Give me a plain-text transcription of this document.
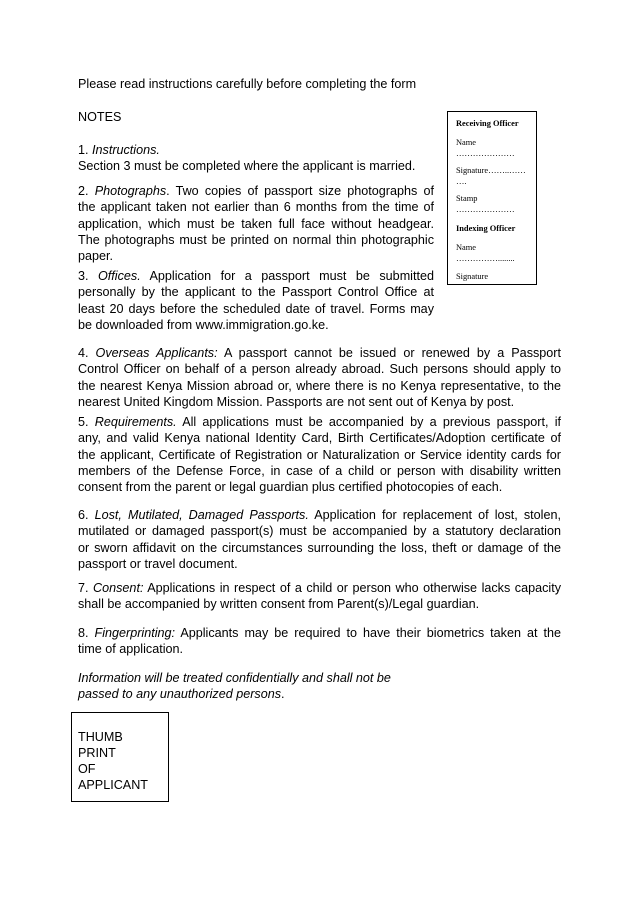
Please read instructions carefully before completing the form

NOTES	Receiving Officer
Name
…………………
Signature……..……
….
Stamp
…………………
Indexing Officer
Name
……………........
Signature
1. Instructions.
Section 3 must be completed where the applicant is married.
2. Photographs. Two copies of passport size photographs of
the applicant taken not earlier than 6 months from the time of
application, which must be taken full face without headgear.
The photographs must be printed on normal thin photographic
paper.
3. Offices. Application for a passport must be submitted
personally by the applicant to the Passport Control Office at
least 20 days before the scheduled date of travel. Forms may
be downloaded from www.immigration.go.ke.
4. Overseas Applicants: A passport cannot be issued or renewed by a Passport
Control Officer on behalf of a person already abroad. Such persons should apply to
the nearest Kenya Mission abroad or, where there is no Kenya representative, to the
nearest United Kingdom Mission. Passports are not sent out of Kenya by post.
5. Requirements. All applications must be accompanied by a previous passport, if
any, and valid Kenya national Identity Card, Birth Certificates/Adoption certificate of
the applicant, Certificate of Registration or Naturalization or Service identity cards for
members of the Defense Force, in case of a child or person with disability written
consent from the parent or legal guardian plus certified photocopies of each.
6. Lost, Mutilated, Damaged Passports. Application for replacement of lost, stolen,
mutilated or damaged passport(s) must be accompanied by a statutory declaration
or sworn affidavit on the circumstances surrounding the loss, theft or damage of the
passport or travel document.
7. Consent: Applications in respect of a child or person who otherwise lacks capacity
shall be accompanied by written consent from Parent(s)/Legal guardian.
8. Fingerprinting: Applicants may be required to have their biometrics taken at the
time of application.
Information will be treated confidentially and shall not be
passed to any unauthorized persons.
THUMB
PRINT
OF
APPLICANT
